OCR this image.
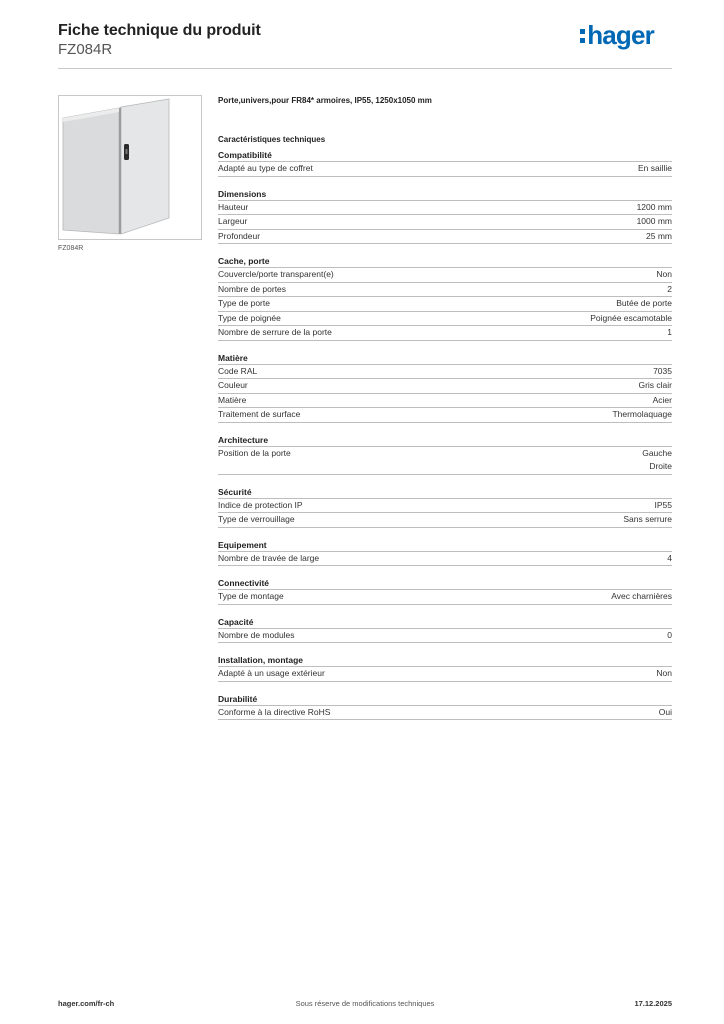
Fiche technique du produit
FZ084R	hager
FZ084R
Porte,univers,pour FR84* armoires, IP55, 1250x1050 mm
Caractéristiques techniques
Compatibilité
Adapté au type de coffret	En saillie
Dimensions
Hauteur	1200 mm
Largeur	1000 mm
Profondeur	25 mm
Cache, porte
Couvercle/porte transparent(e)	Non
Nombre de portes	2
Type de porte	Butée de porte
Type de poignée	Poignée escamotable
Nombre de serrure de la porte	1
Matière
Code RAL	7035
Couleur	Gris clair
Matière	Acier
Traitement de surface	Thermolaquage
Architecture
Position de la porte	Gauche
Droite
Sécurité
Indice de protection IP	IP55
Type de verrouillage	Sans serrure
Equipement
Nombre de travée de large	4
Connectivité
Type de montage	Avec charnières
Capacité
Nombre de modules	0
Installation, montage
Adapté à un usage extérieur	Non
Durabilité
Conforme à la directive RoHS	Oui
hager.com/fr-ch	Sous réserve de modifications techniques	17.12.2025
